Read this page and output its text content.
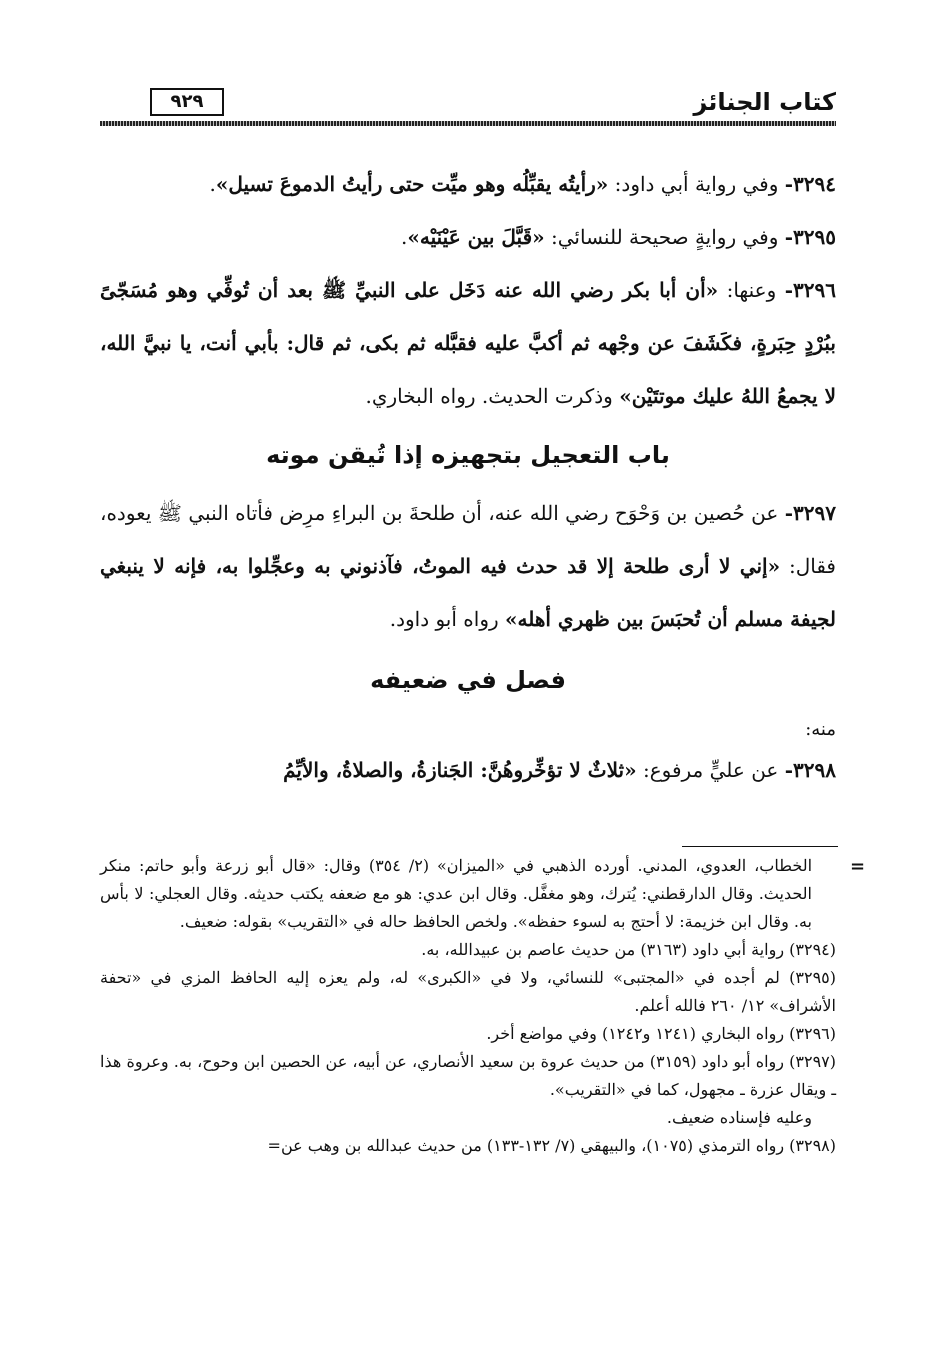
كتاب الجنائز
٩٢٩

٣٢٩٤- وفي رواية أبي داود: «رأيتُه يقبِّلُه وهو ميِّت حتى رأيتُ الدموعَ تسيل».

٣٢٩٥- وفي روايةٍ صحيحة للنسائي: «قَبَّلَ بين عَيْنَيْه».

٣٢٩٦- وعنها: «أن أبا بكر رضي الله عنه دَخَل على النبيِّ ﷺ بعد أن تُوفِّي وهو مُسَجّىً ببُرْدٍ حِبَرةٍ، فكَشَفَ عن وجْهه ثم أكبَّ عليه فقبَّله ثم بكى، ثم قال: بأبي أنت، يا نبيَّ الله، لا يجمعُ اللهُ عليك موتتَيْن» وذكرت الحديث. رواه البخاري.

باب التعجيل بتجهيزه إذا تُيقن موته

٣٢٩٧- عن حُصين بن وَحْوَح رضي الله عنه، أن طلحةَ بن البراءِ مرِض فأتاه النبي ﷺ يعوده، فقال: «إني لا أرى طلحة إلا قد حدث فيه الموتُ، فآذنوني به وعجِّلوا به، فإنه لا ينبغي لجيفة مسلم أن تُحبَسَ بين ظهري أهله» رواه أبو داود.

فصل في ضعيفه

منه:

٣٢٩٨- عن عليٍّ مرفوع: «ثلاثٌ لا تؤخِّروهُنَّ: الجَنازةُ، والصلاةُ، والأيِّمُ

=

الخطاب، العدوي، المدني. أورده الذهبي في «الميزان» (٢/ ٣٥٤) وقال: «قال أبو زرعة وأبو حاتم: منكر الحديث. وقال الدارقطني: يُترك، وهو مغفَّل. وقال ابن عدي: هو مع ضعفه يكتب حديثه. وقال العجلي: لا بأس به. وقال ابن خزيمة: لا أحتج به لسوء حفظه». ولخص الحافظ حاله في «التقريب» بقوله: ضعيف.

(٣٢٩٤) رواية أبي داود (٣١٦٣) من حديث عاصم بن عبيدالله، به.

(٣٢٩٥) لم أجده في «المجتبى» للنسائي، ولا في «الكبرى» له، ولم يعزه إليه الحافظ المزي في «تحفة الأشراف» ١٢/ ٢٦٠ فالله أعلم.

(٣٢٩٦) رواه البخاري (١٢٤١ و١٢٤٢) وفي مواضع أخر.

(٣٢٩٧) رواه أبو داود (٣١٥٩) من حديث عروة بن سعيد الأنصاري، عن أبيه، عن الحصين ابن وحوح، به. وعروة هذا ـ ويقال عزرة ـ مجهول، كما في «التقريب».

وعليه فإسناده ضعيف.

(٣٢٩٨) رواه الترمذي (١٠٧٥)، والبيهقي (٧/ ١٣٢-١٣٣) من حديث عبدالله بن وهب عن=
